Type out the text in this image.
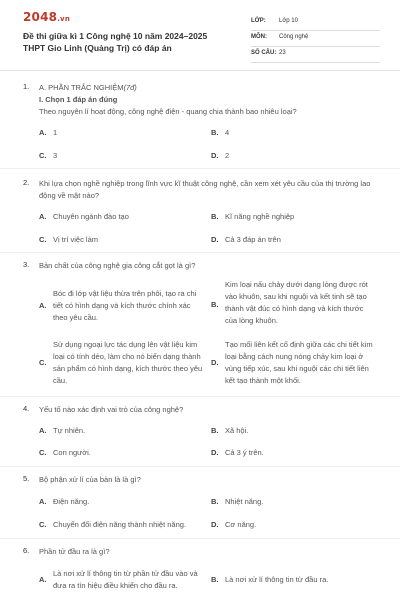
2048.vn
Đề thi giữa kì 1 Công nghệ 10 năm 2024–2025 THPT Gio Linh (Quảng Trị) có đáp án
LỚP: Lớp 10
MÔN: Công nghệ
SỐ CÂU: 23
1. A. PHẦN TRẮC NGHIỆM(7đ)
I. Chọn 1 đáp án đúng
Theo nguyên lí hoạt động, công nghệ điện - quang chia thành bao nhiêu loại?
A. 1	B. 4
C. 3	D. 2
2. Khi lựa chọn nghề nghiệp trong lĩnh vực kĩ thuật công nghệ, cần xem xét yêu cầu của thị trường lao động về mặt nào?
A. Chuyên ngành đào tạo	B. Kĩ năng nghề nghiệp
C. Vị trí việc làm	D. Cả 3 đáp án trên
3. Bản chất của công nghệ gia công cắt gọt là gì?
A.
Bóc đi lớp vật liệu thừa trên phôi, tạo ra chi tiết có hình dạng và kích thước chính xác theo yêu cầu.
B.
Kim loại nấu chảy dưới dạng lỏng được rót vào khuôn, sau khi nguội và kết tinh sẽ tạo thành vật đúc có hình dạng và kích thước của lòng khuôn.
C.
Sử dụng ngoại lực tác dụng lên vật liệu kim loại có tính dẻo, làm cho nó biến dạng thành sản phẩm có hình dạng, kích thước theo yêu cầu.
D.
Tạo mối liên kết cố định giữa các chi tiết kim loại bằng cách nung nóng chảy kim loại ở vùng tiếp xúc, sau khi nguội các chi tiết liên kết tạo thành một khối.
4. Yếu tố nào xác định vai trò của công nghệ?
A. Tự nhiên.	B. Xã hội.
C. Con người.	D. Cả 3 ý trên.
5. Bộ phận xử lí của bàn là là gì?
A. Điện năng.	B. Nhiệt năng.
C. Chuyển đổi điện năng thành nhiệt năng.	D. Cơ năng.
6. Phần tử đầu ra là gì?
A.
Là nơi xử lí thông tin từ phần tử đầu vào và đưa ra tín hiệu điều khiển cho đầu ra.
B. Là nơi xử lí thông tin từ đầu ra.
